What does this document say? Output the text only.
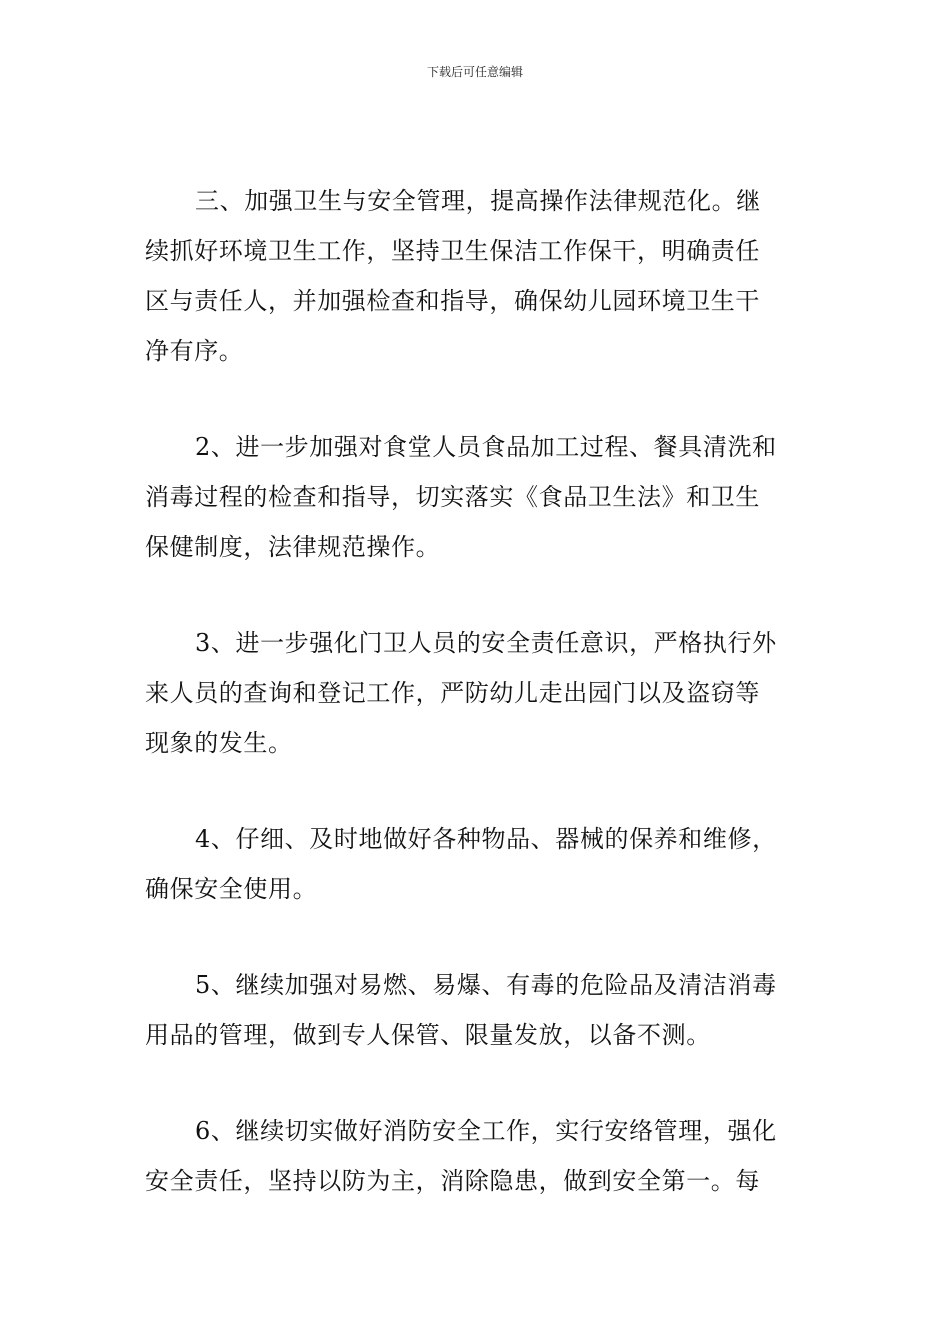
下载后可任意编辑

三、加强卫生与安全管理，提高操作法律规范化。继
续抓好环境卫生工作，坚持卫生保洁工作保干，明确责任
区与责任人，并加强检查和指导，确保幼儿园环境卫生干
净有序。

2、进一步加强对食堂人员食品加工过程、餐具清洗和
消毒过程的检查和指导，切实落实《食品卫生法》和卫生
保健制度，法律规范操作。

3、进一步强化门卫人员的安全责任意识，严格执行外
来人员的查询和登记工作，严防幼儿走出园门以及盗窃等
现象的发生。

4、仔细、及时地做好各种物品、器械的保养和维修，
确保安全使用。

5、继续加强对易燃、易爆、有毒的危险品及清洁消毒
用品的管理，做到专人保管、限量发放，以备不测。

6、继续切实做好消防安全工作，实行安络管理，强化
安全责任，坚持以防为主，消除隐患，做到安全第一。每
